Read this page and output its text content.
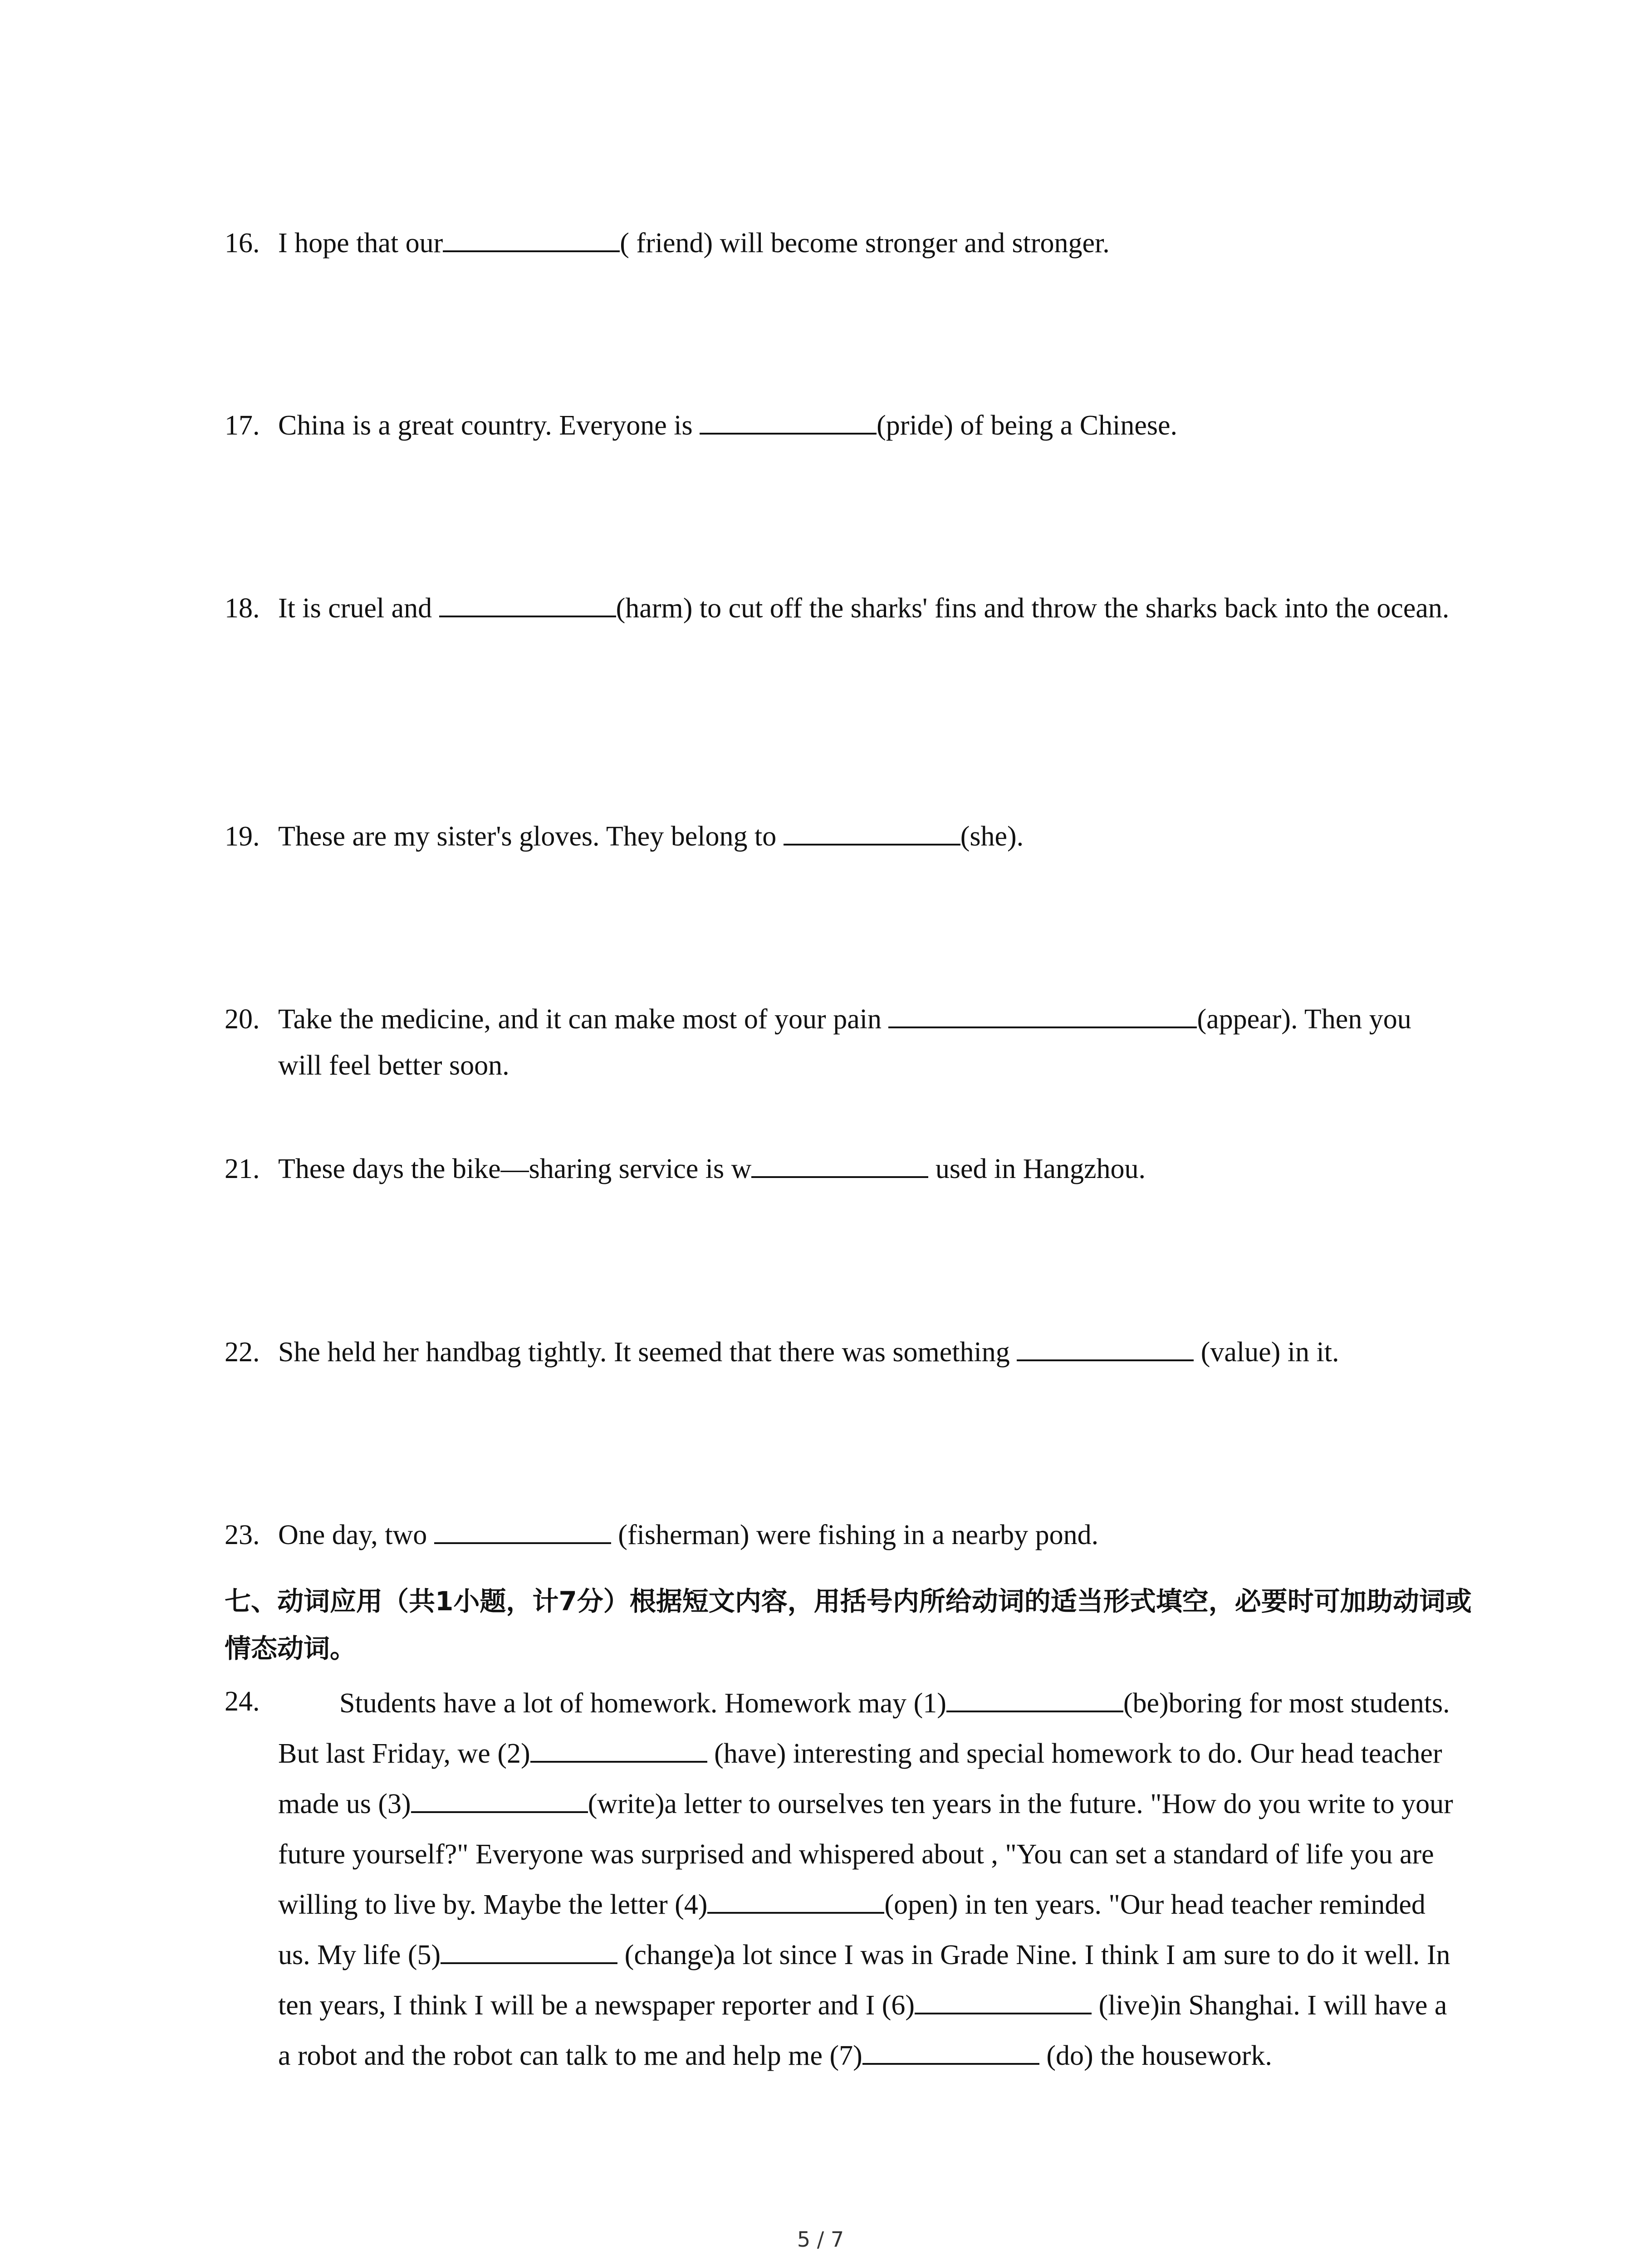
16. I hope that our	( friend) will become stronger and stronger.
17. China is a great country. Everyone is	(pride) of being a Chinese.
18. It is cruel and	(harm) to cut off the sharks' fins and throw the sharks back into the ocean.
19. These are my sister's gloves. They belong to	(she).
20. Take the medicine, and it can make most of your pain	(appear). Then you will feel better soon.
21. These days the bike—sharing service is w	used in Hangzhou.
22. She held her handbag tightly. It seemed that there was something	(value) in it.
23. One day, two	(fisherman) were fishing in a nearby pond.
七、动词应用（共1小题，计7分）根据短文内容，用括号内所给动词的适当形式填空，必要时可加助动词或情态动词。
24.	Students have a lot of homework. Homework may (1)	(be)boring for most students. But last Friday, we (2)	(have) interesting and special homework to do. Our head teacher made us (3)	(write)a letter to ourselves ten years in the future. "How do you write to your future yourself?" Everyone was surprised and whispered about , "You can set a standard of life you are willing to live by. Maybe the letter (4)	(open) in ten years. "Our head teacher reminded us. My life (5)	(change)a lot since I was in Grade Nine. I think I am sure to do it well. In ten years, I think I will be a newspaper reporter and I (6)	(live)in Shanghai. I will have a a robot and the robot can talk to me and help me (7)	(do) the housework.
5 / 7
